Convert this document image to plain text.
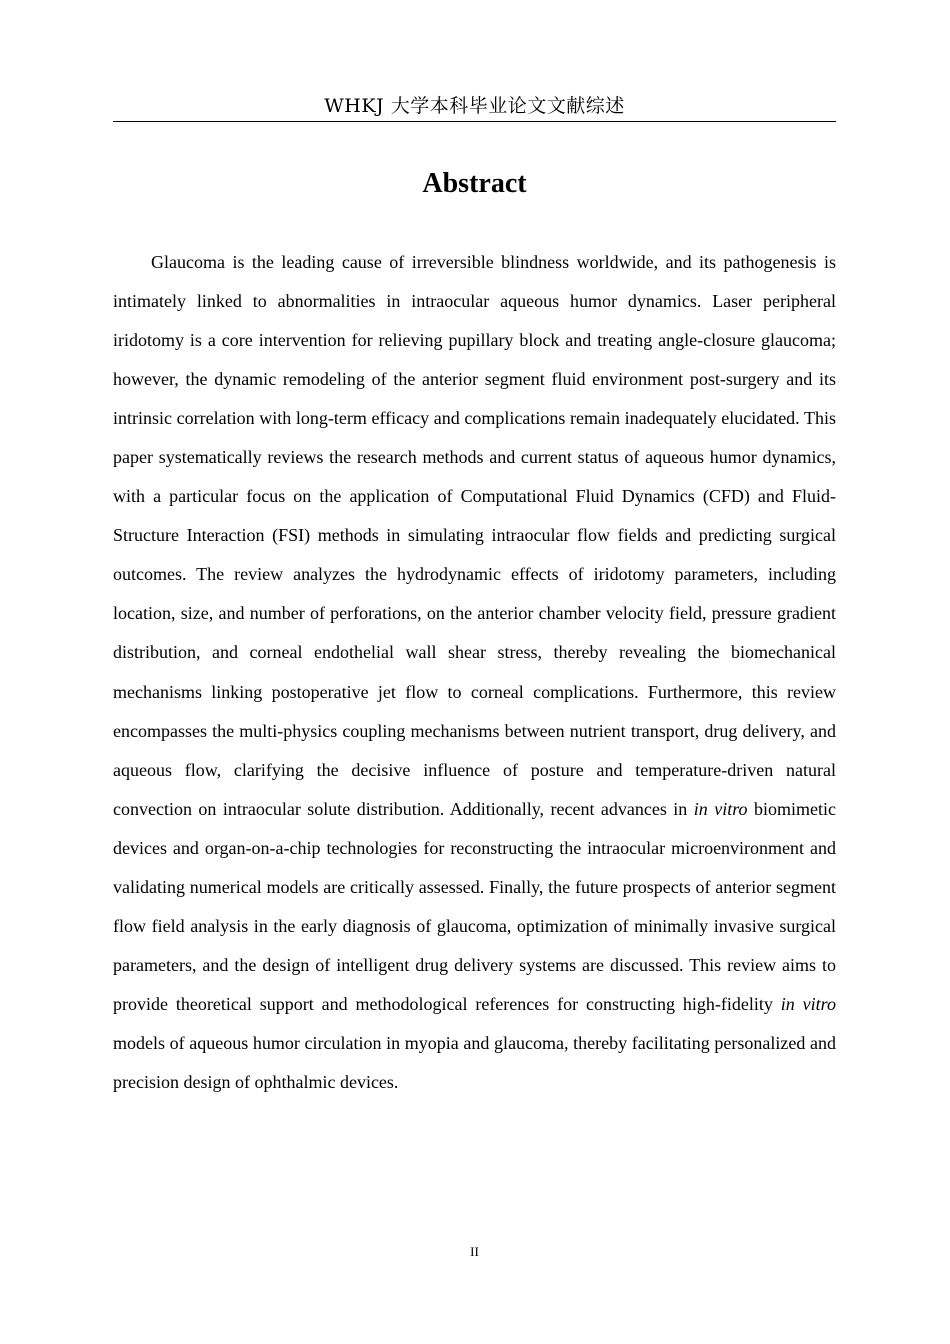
WHKJ 大学本科毕业论文文献综述
Abstract

Glaucoma is the leading cause of irreversible blindness worldwide, and its pathogenesis is intimately linked to abnormalities in intraocular aqueous humor dynamics. Laser peripheral iridotomy is a core intervention for relieving pupillary block and treating angle-closure glaucoma; however, the dynamic remodeling of the anterior segment fluid environment post-surgery and its intrinsic correlation with long-term efficacy and complications remain inadequately elucidated. This paper systematically reviews the research methods and current status of aqueous humor dynamics, with a particular focus on the application of Computational Fluid Dynamics (CFD) and Fluid-Structure Interaction (FSI) methods in simulating intraocular flow fields and predicting surgical outcomes. The review analyzes the hydrodynamic effects of iridotomy parameters, including location, size, and number of perforations, on the anterior chamber velocity field, pressure gradient distribution, and corneal endothelial wall shear stress, thereby revealing the biomechanical mechanisms linking postoperative jet flow to corneal complications. Furthermore, this review encompasses the multi-physics coupling mechanisms between nutrient transport, drug delivery, and aqueous flow, clarifying the decisive influence of posture and temperature-driven natural convection on intraocular solute distribution. Additionally, recent advances in in vitro biomimetic devices and organ-on-a-chip technologies for reconstructing the intraocular microenvironment and validating numerical models are critically assessed. Finally, the future prospects of anterior segment flow field analysis in the early diagnosis of glaucoma, optimization of minimally invasive surgical parameters, and the design of intelligent drug delivery systems are discussed. This review aims to provide theoretical support and methodological references for constructing high-fidelity in vitro models of aqueous humor circulation in myopia and glaucoma, thereby facilitating personalized and precision design of ophthalmic devices.

II
